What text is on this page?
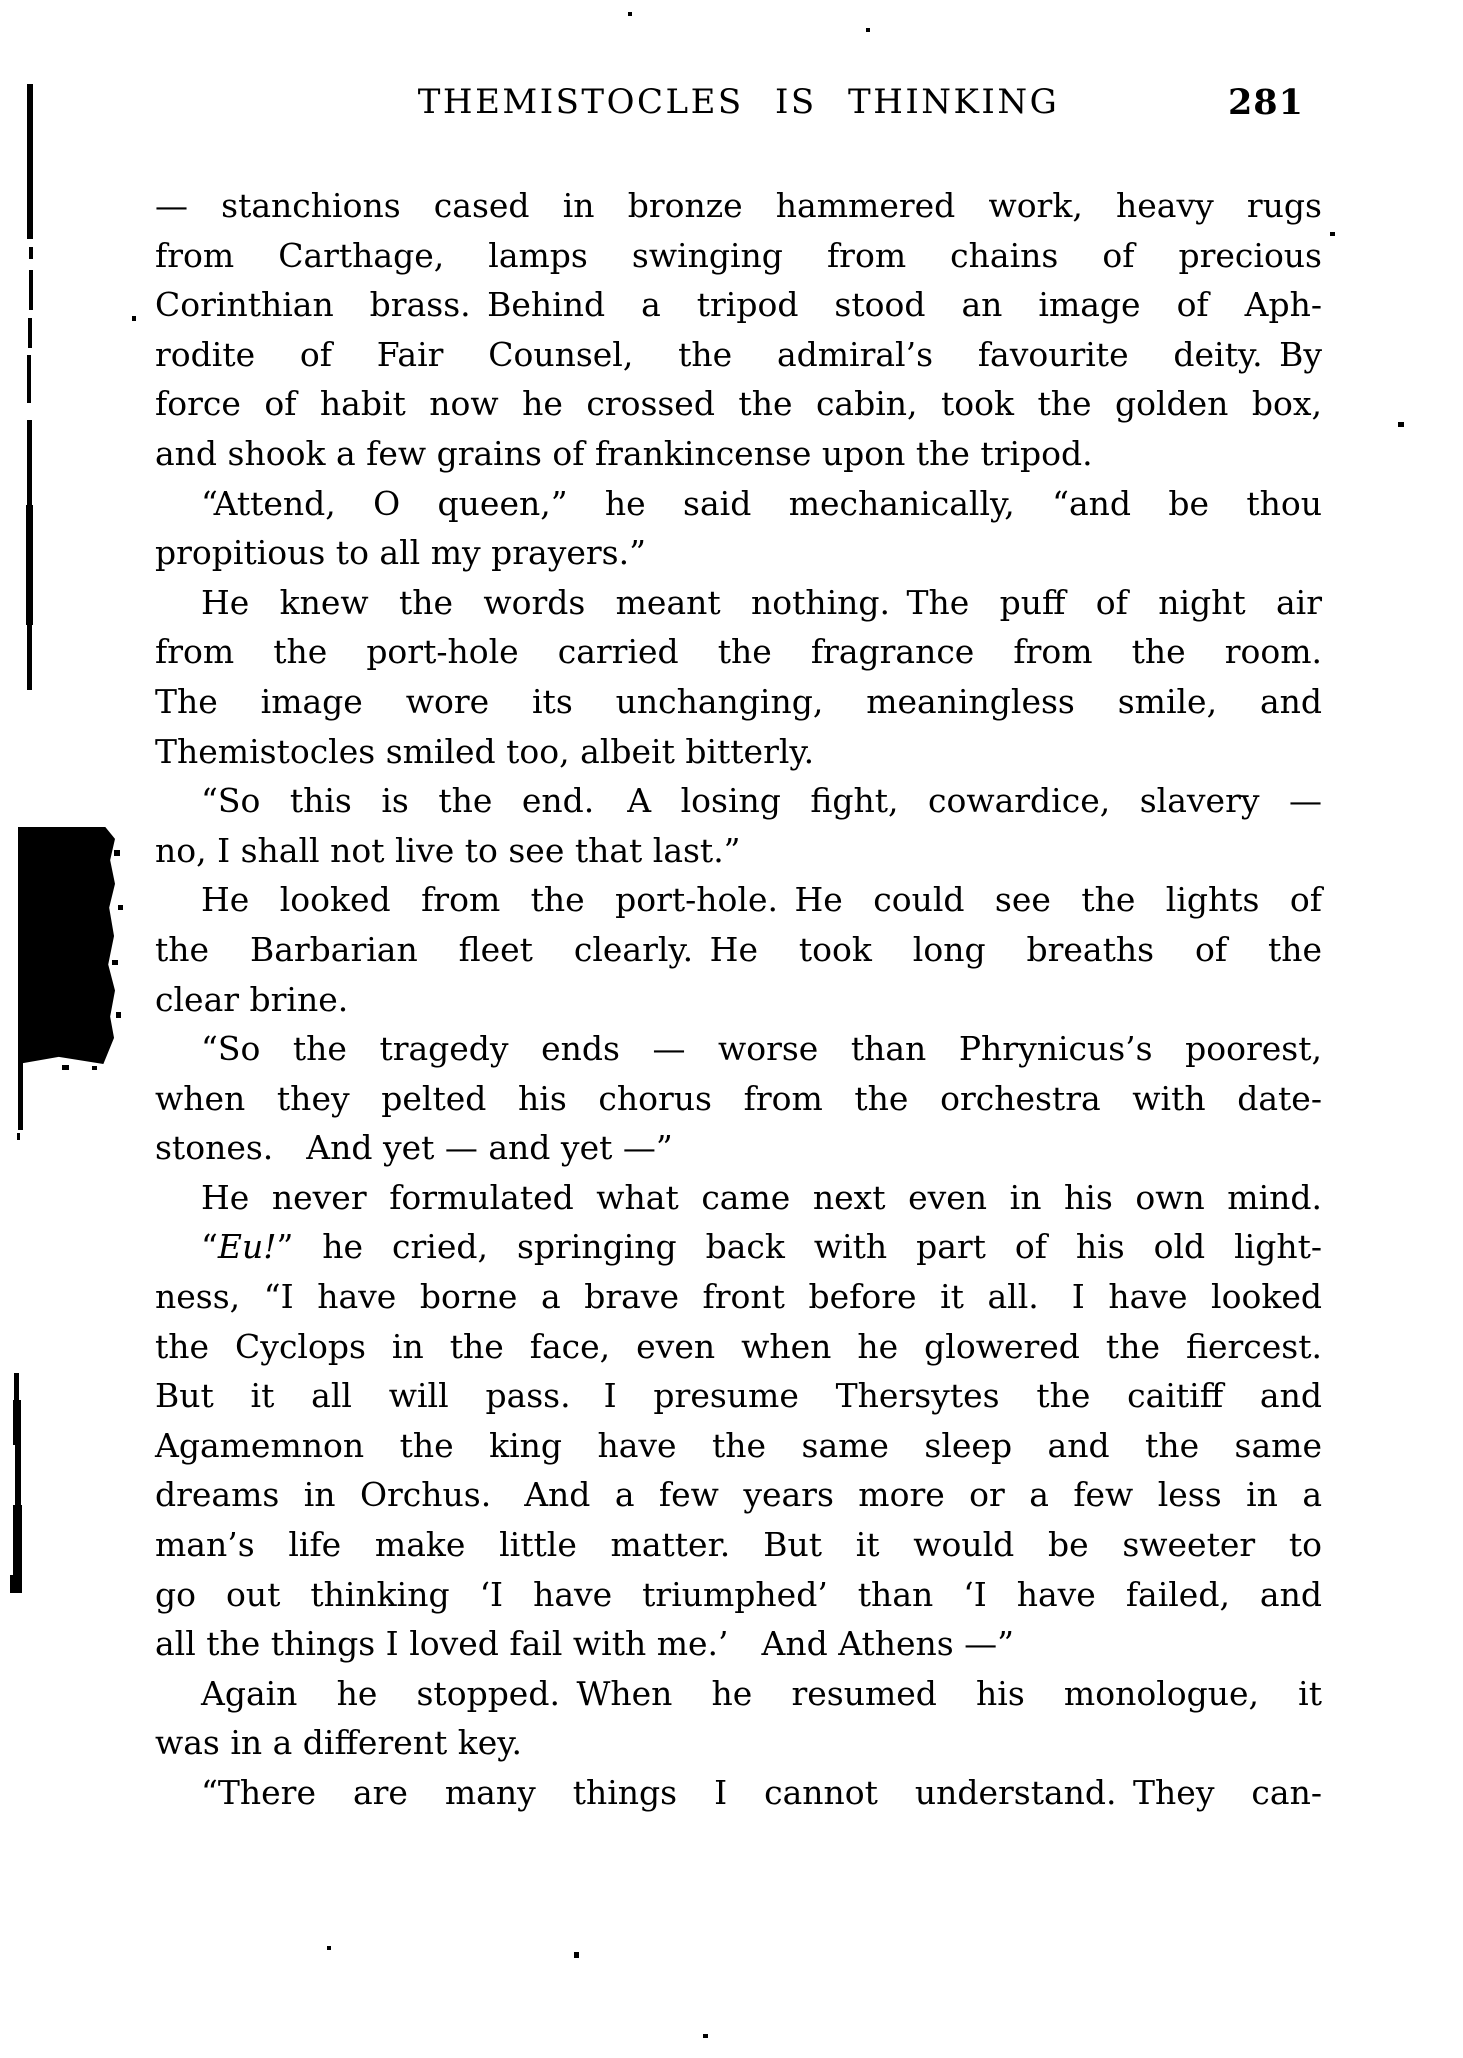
THEMISTOCLES IS THINKING	281
— stanchions cased in bronze hammered work, heavy rugs
from Carthage, lamps swinging from chains of precious
Corinthian brass. Behind a tripod stood an image of Aph-
rodite of Fair Counsel, the admiral’s favourite deity. By
force of habit now he crossed the cabin, took the golden box,
and shook a few grains of frankincense upon the tripod.
“Attend, O queen,” he said mechanically, “and be thou
propitious to all my prayers.”
He knew the words meant nothing. The puff of night air
from the port-hole carried the fragrance from the room.
The image wore its unchanging, meaningless smile, and
Themistocles smiled too, albeit bitterly.
“So this is the end. A losing fight, cowardice, slavery —
no, I shall not live to see that last.”
He looked from the port-hole. He could see the lights of
the Barbarian fleet clearly. He took long breaths of the
clear brine.
“So the tragedy ends — worse than Phrynicus’s poorest,
when they pelted his chorus from the orchestra with date-
stones. And yet — and yet —”
He never formulated what came next even in his own mind.
“Eu!” he cried, springing back with part of his old light-
ness, “I have borne a brave front before it all. I have looked
the Cyclops in the face, even when he glowered the fiercest.
But it all will pass. I presume Thersytes the caitiff and
Agamemnon the king have the same sleep and the same
dreams in Orchus. And a few years more or a few less in a
man’s life make little matter. But it would be sweeter to
go out thinking ‘I have triumphed’ than ‘I have failed, and
all the things I loved fail with me.’ And Athens —”
Again he stopped. When he resumed his monologue, it
was in a different key.
“There are many things I cannot understand. They can-
